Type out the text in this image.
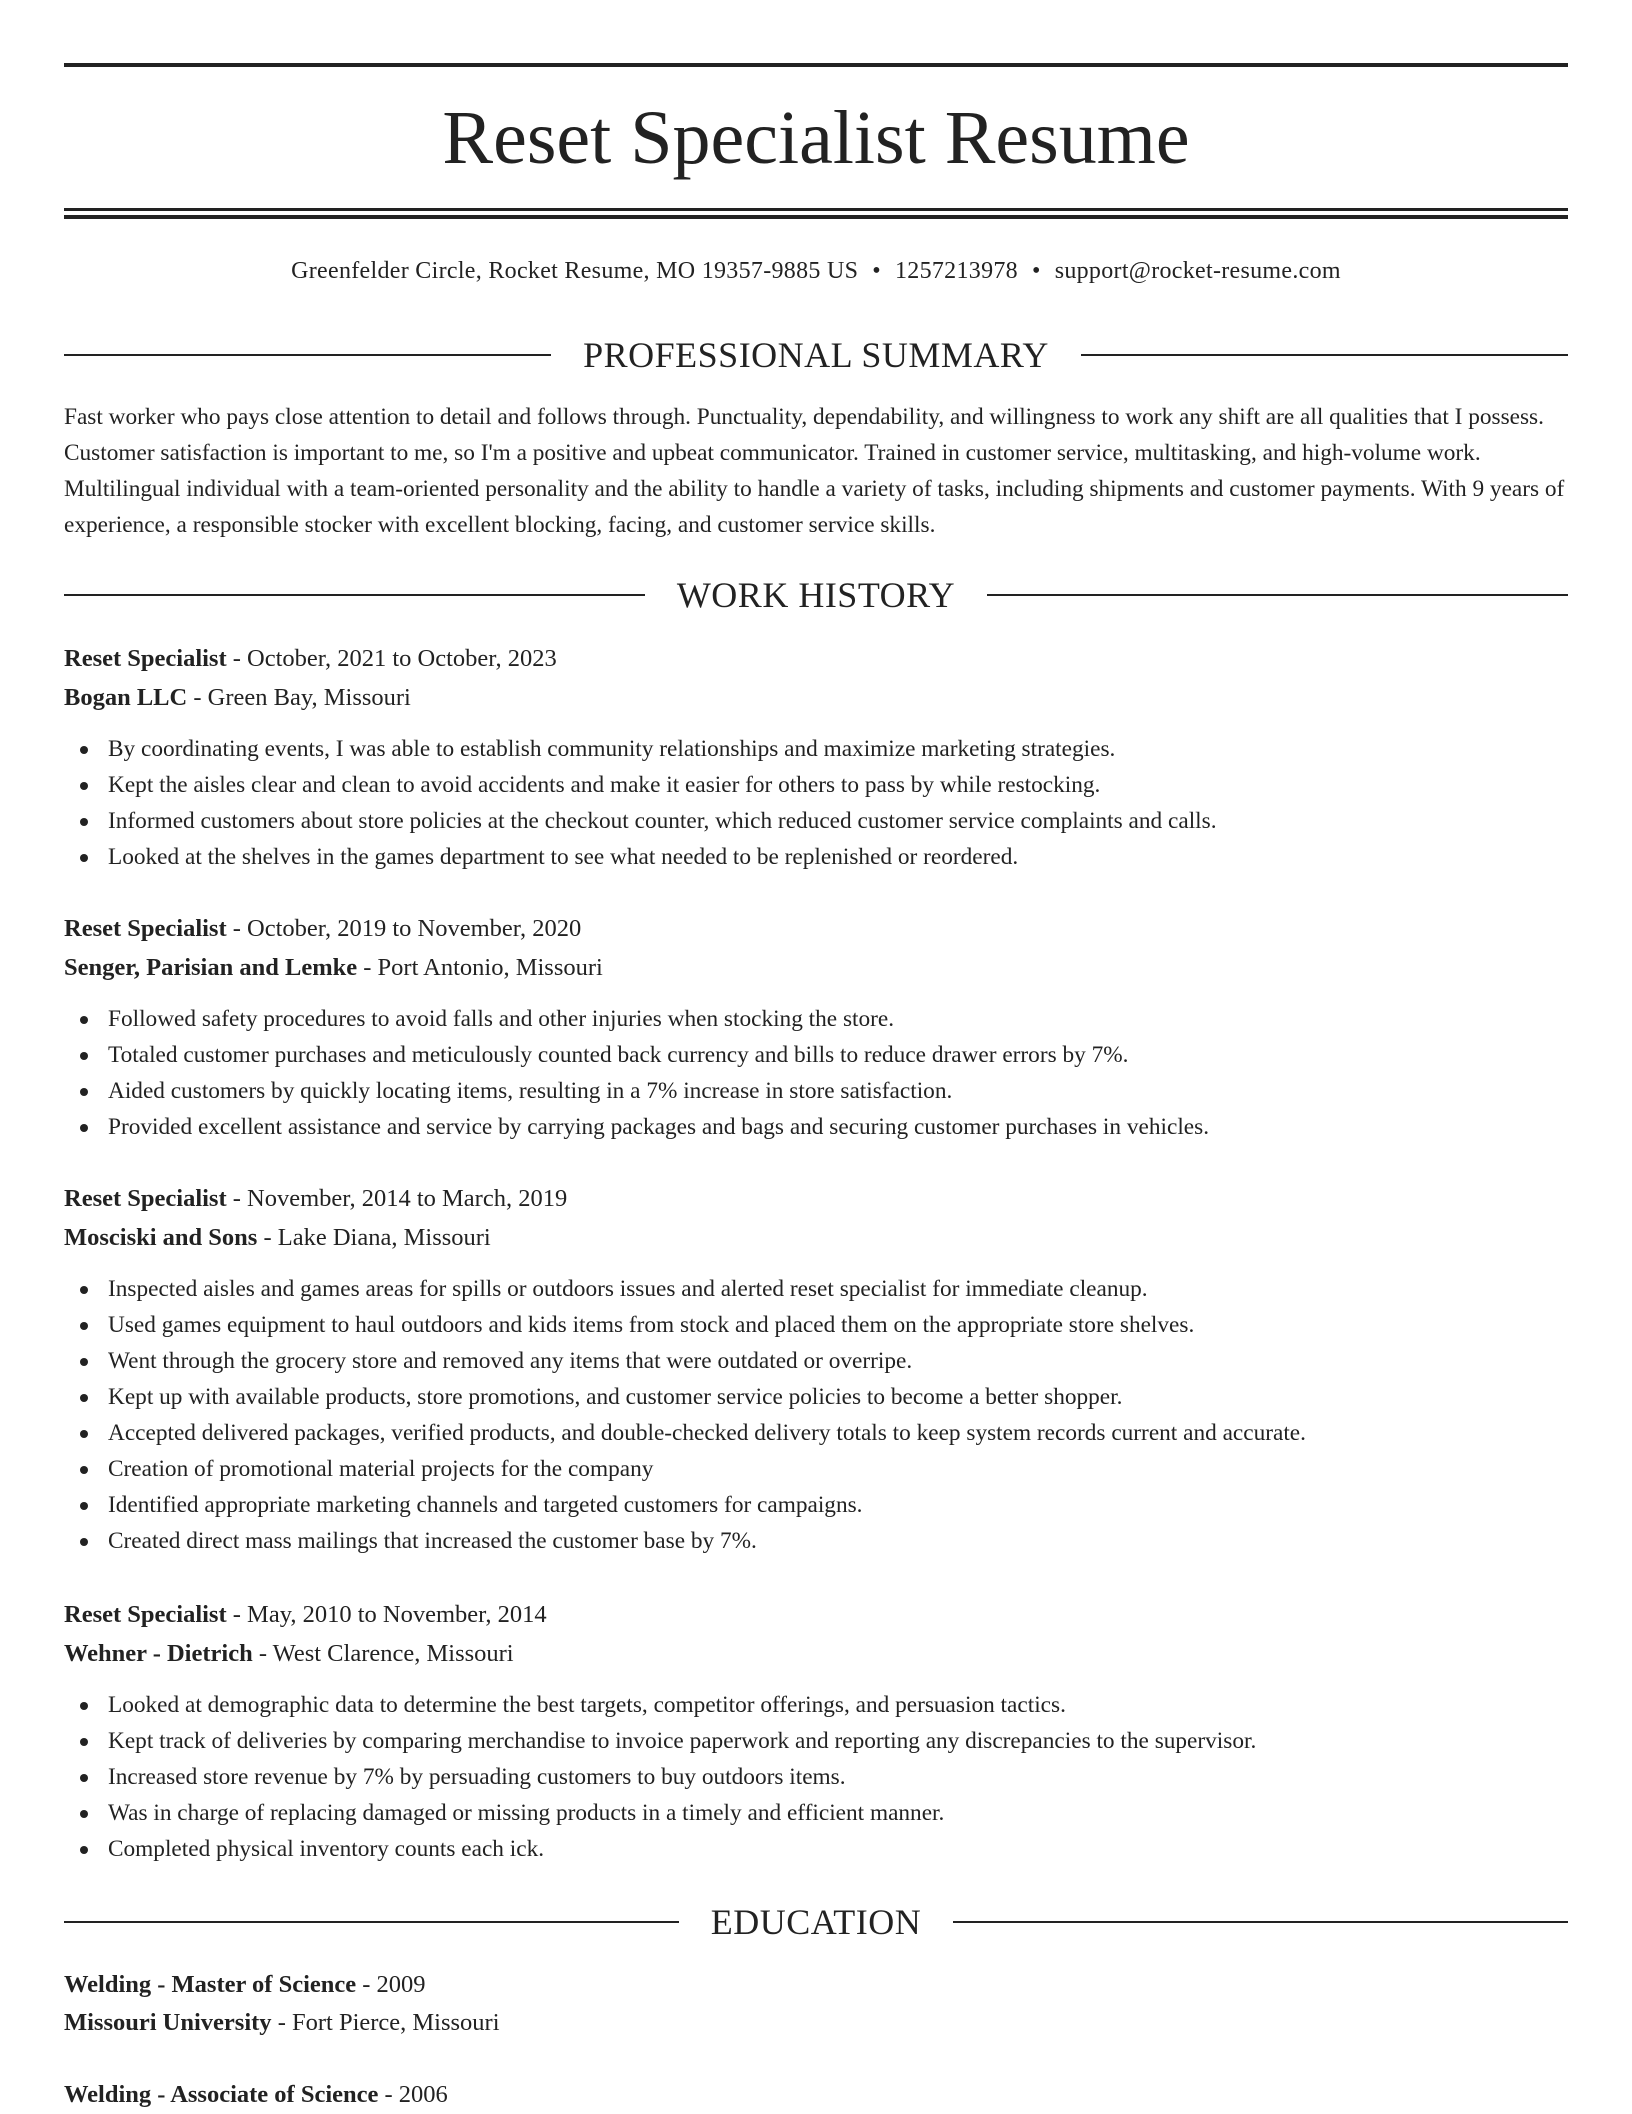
Reset Specialist Resume
Greenfelder Circle, Rocket Resume, MO 19357-9885 US • 1257213978 • support@rocket-resume.com
PROFESSIONAL SUMMARY

Fast worker who pays close attention to detail and follows through. Punctuality, dependability, and willingness to work any shift are all qualities that I possess. Customer satisfaction is important to me, so I'm a positive and upbeat communicator. Trained in customer service, multitasking, and high-volume work. Multilingual individual with a team-oriented personality and the ability to handle a variety of tasks, including shipments and customer payments. With 9 years of experience, a responsible stocker with excellent blocking, facing, and customer service skills.

WORK HISTORY
Reset Specialist - October, 2021 to October, 2023
Bogan LLC - Green Bay, Missouri
By coordinating events, I was able to establish community relationships and maximize marketing strategies.
Kept the aisles clear and clean to avoid accidents and make it easier for others to pass by while restocking.
Informed customers about store policies at the checkout counter, which reduced customer service complaints and calls.
Looked at the shelves in the games department to see what needed to be replenished or reordered.
Reset Specialist - October, 2019 to November, 2020
Senger, Parisian and Lemke - Port Antonio, Missouri
Followed safety procedures to avoid falls and other injuries when stocking the store.
Totaled customer purchases and meticulously counted back currency and bills to reduce drawer errors by 7%.
Aided customers by quickly locating items, resulting in a 7% increase in store satisfaction.
Provided excellent assistance and service by carrying packages and bags and securing customer purchases in vehicles.
Reset Specialist - November, 2014 to March, 2019
Mosciski and Sons - Lake Diana, Missouri
Inspected aisles and games areas for spills or outdoors issues and alerted reset specialist for immediate cleanup.
Used games equipment to haul outdoors and kids items from stock and placed them on the appropriate store shelves.
Went through the grocery store and removed any items that were outdated or overripe.
Kept up with available products, store promotions, and customer service policies to become a better shopper.
Accepted delivered packages, verified products, and double-checked delivery totals to keep system records current and accurate.
Creation of promotional material projects for the company
Identified appropriate marketing channels and targeted customers for campaigns.
Created direct mass mailings that increased the customer base by 7%.
Reset Specialist - May, 2010 to November, 2014
Wehner - Dietrich - West Clarence, Missouri
Looked at demographic data to determine the best targets, competitor offerings, and persuasion tactics.
Kept track of deliveries by comparing merchandise to invoice paperwork and reporting any discrepancies to the supervisor.
Increased store revenue by 7% by persuading customers to buy outdoors items.
Was in charge of replacing damaged or missing products in a timely and efficient manner.
Completed physical inventory counts each ick.
EDUCATION
Welding - Master of Science - 2009
Missouri University - Fort Pierce, Missouri
Welding - Associate of Science - 2006
